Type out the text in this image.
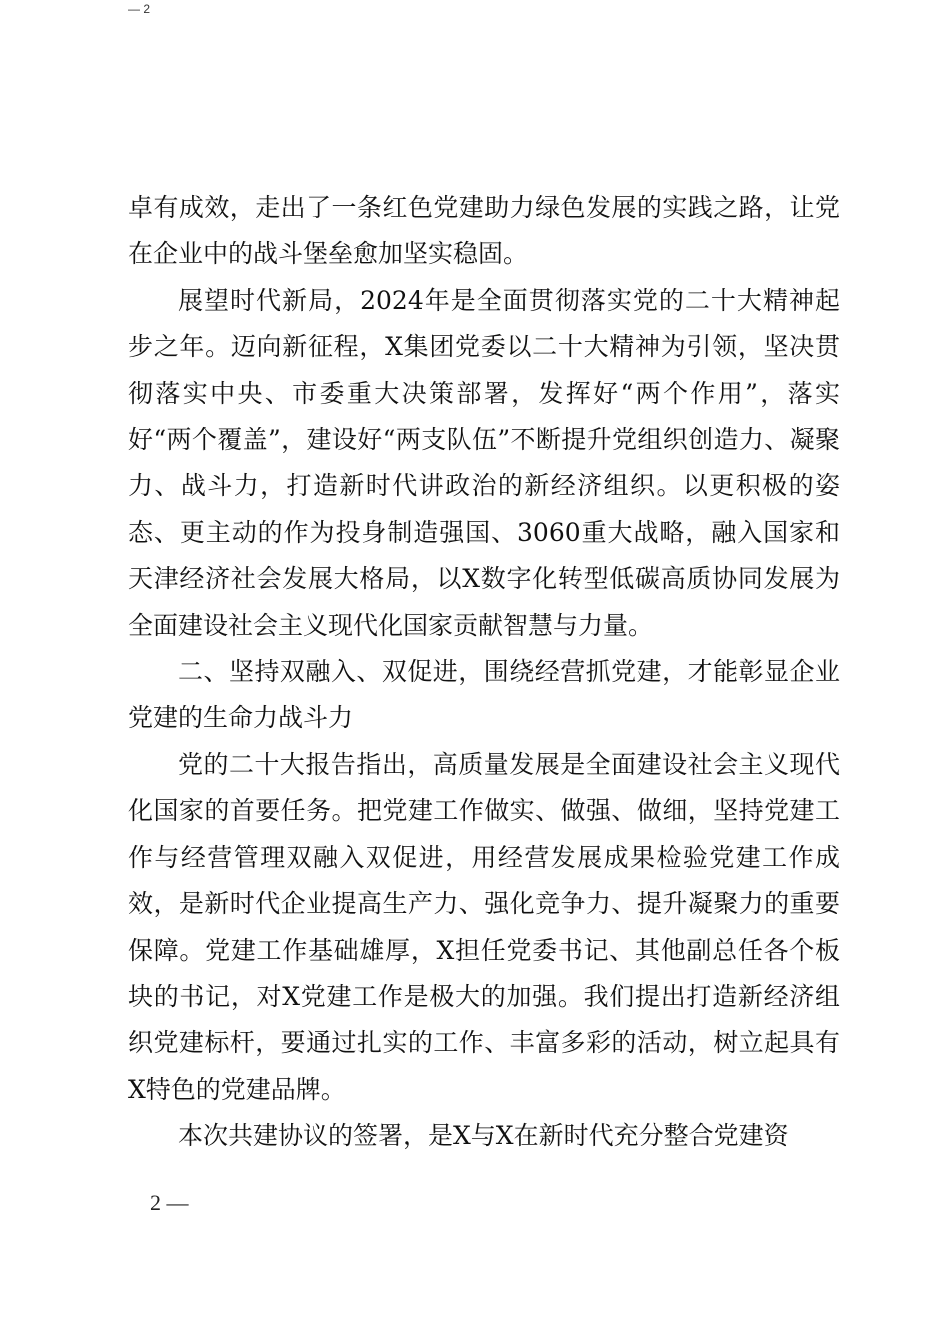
— 2

卓有成效，走出了一条红色党建助力绿色发展的实践之路，让党在企业中的战斗堡垒愈加坚实稳固。

展望时代新局，2024年是全面贯彻落实党的二十大精神起步之年。迈向新征程，X集团党委以二十大精神为引领，坚决贯彻落实中央、市委重大决策部署，发挥好“两个作用”，落实好“两个覆盖”，建设好“两支队伍”不断提升党组织创造力、凝聚力、战斗力，打造新时代讲政治的新经济组织。以更积极的姿态、更主动的作为投身制造强国、3060重大战略，融入国家和天津经济社会发展大格局，以X数字化转型低碳高质协同发展为全面建设社会主义现代化国家贡献智慧与力量。

二、坚持双融入、双促进，围绕经营抓党建，才能彰显企业党建的生命力战斗力

党的二十大报告指出，高质量发展是全面建设社会主义现代化国家的首要任务。把党建工作做实、做强、做细，坚持党建工作与经营管理双融入双促进，用经营发展成果检验党建工作成效，是新时代企业提高生产力、强化竞争力、提升凝聚力的重要保障。党建工作基础雄厚，X担任党委书记、其他副总任各个板块的书记，对X党建工作是极大的加强。我们提出打造新经济组织党建标杆，要通过扎实的工作、丰富多彩的活动，树立起具有X特色的党建品牌。

本次共建协议的签署，是X与X在新时代充分整合党建资

2 —
